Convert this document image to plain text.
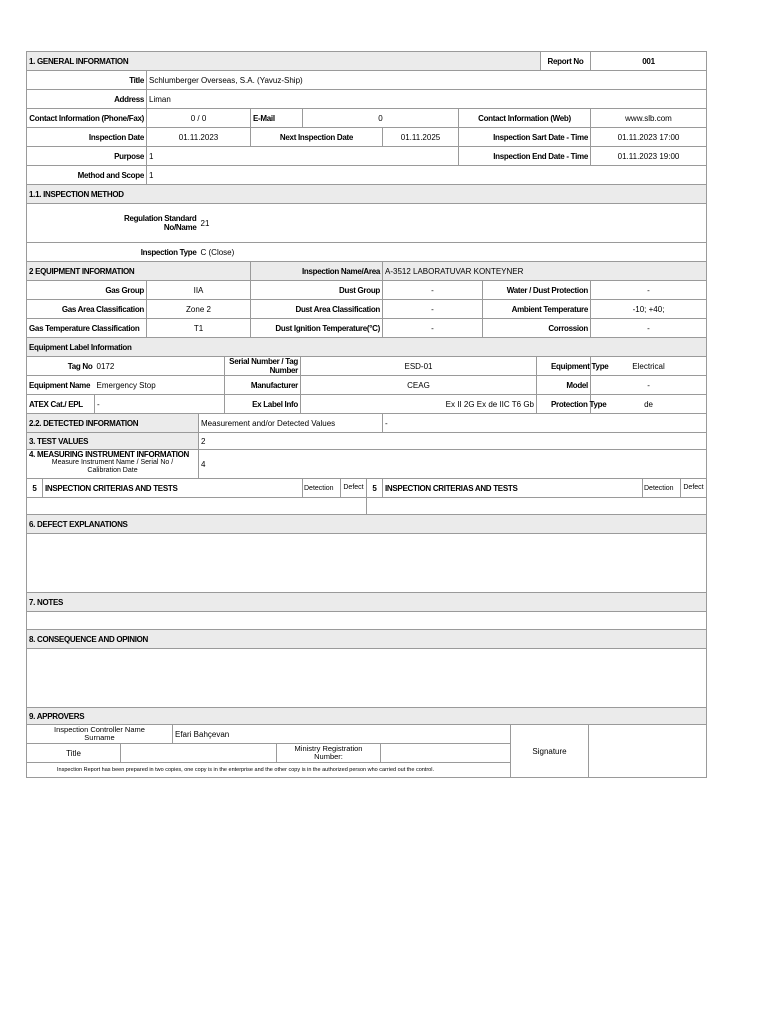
1. GENERAL INFORMATION						Report No	001
Title	Schlumberger Overseas, S.A. (Yavuz-Ship)						
Address	Liman						
Contact Information (Phone/Fax)	0 / 0	E-Mail	0		Contact Information (Web)		www.slb.com
Inspection Date	01.11.2023	Next Inspection Date		01.11.2025	Inspection Sart Date - Time		01.11.2023 17:00
Purpose	1				Inspection End Date - Time		01.11.2023 19:00
Method and Scope	1						
1.1. INSPECTION METHOD	
Regulation Standard No/Name	21
Inspection Type	C (Close)
2 EQUIPMENT INFORMATION		Inspection Name/Area	A-3512 LABORATUVAR KONTEYNER		
Gas Group	IIA	Dust Group	-	Water / Dust Protection	-
Gas Area Classification	Zone 2	Dust Area Classification	-	Ambient Temperature	-10; +40;
Gas Temperature Classification	T1	Dust Ignition Temperature(°C)	-	Corrossion	-
Equipment Label Information					
Tag No	0172	Serial Number / Tag Number	ESD-01	Equipment Type	Electrical
Equipment Name	Emergency Stop	Manufacturer	CEAG	Model	-
ATEX Cat./ EPL	-	Ex Label Info	Ex II 2G Ex de IIC T6 Gb	Protection Type	de
2.2. DETECTED INFORMATION	Measurement and/or Detected Values	-
3. TEST VALUES	2	

4. MEASURING INSTRUMENT INFORMATION
Measure Instrument Name / Serial No / Calibration Date	4	
5	INSPECTION CRITERIAS AND TESTS	Detection	Defect	5	INSPECTION CRITERIAS AND TESTS	Detection	Defect

6. DEFECT EXPLANATIONS

7. NOTES

8. CONSEQUENCE AND OPINION

9. APPROVERS						
Inspection Controller Name Surname		Efari Bahçevan			Signature	
Title			Ministry Registration Number:			
Inspection Report has been prepared in two copies, one copy is in the enterprise and the other copy is in the authorized person who carried out the control.						
